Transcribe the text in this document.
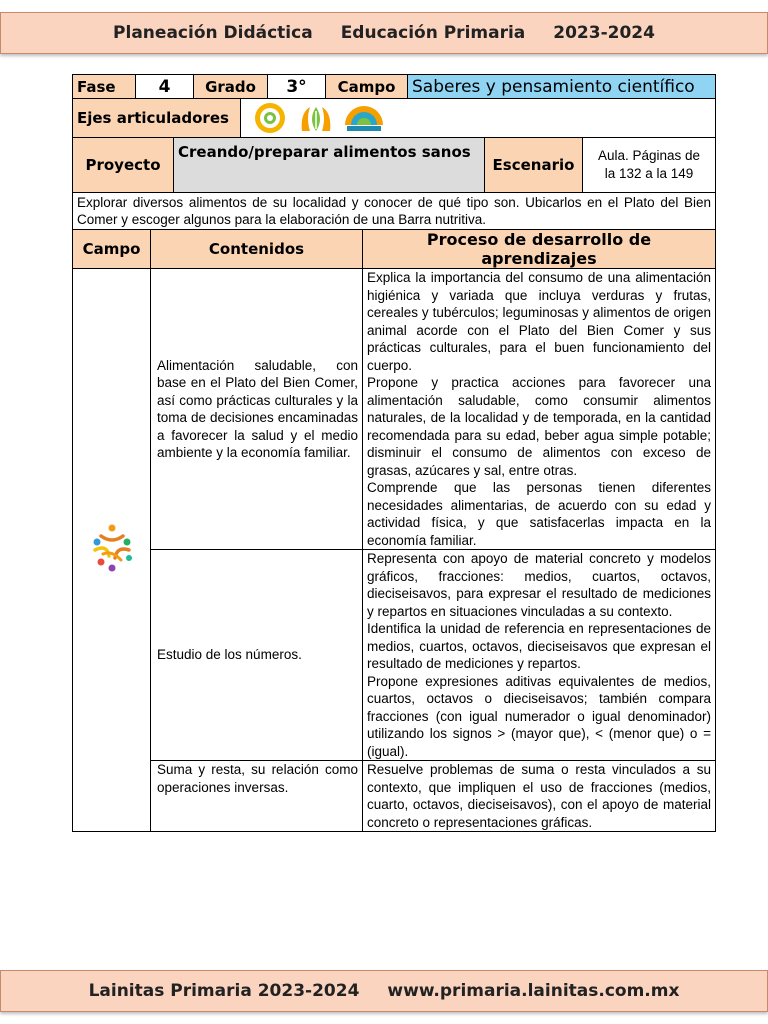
Planeación Didáctica Educación Primaria 2023-2024
Fase	4	Grado	3°	Campo	Saberes y pensamiento científico
Ejes articuladores	
Proyecto	Creando/preparar alimentos sanos	Escenario	Aula. Páginas de la 132 a la 149
Explorar diversos alimentos de su localidad y conocer de qué tipo son. Ubicarlos en el Plato del Bien Comer y escoger algunos para la elaboración de una Barra nutritiva.
Campo	Contenidos	Proceso de desarrollo de aprendizajes
	Alimentación saludable, con base en el Plato del Bien Comer, así como prácticas culturales y la toma de decisiones encaminadas a favorecer la salud y el medio ambiente y la economía familiar.	Explica la importancia del consumo de una alimentación higiénica y variada que incluya verduras y frutas, cereales y tubérculos; leguminosas y alimentos de origen animal acorde con el Plato del Bien Comer y sus prácticas culturales, para el buen funcionamiento del cuerpo.
Propone y practica acciones para favorecer una alimentación saludable, como consumir alimentos naturales, de la localidad y de temporada, en la cantidad recomendada para su edad, beber agua simple potable; disminuir el consumo de alimentos con exceso de grasas, azúcares y sal, entre otras.
Comprende que las personas tienen diferentes necesidades alimentarias, de acuerdo con su edad y actividad física, y que satisfacerlas impacta en la economía familiar.

	Estudio de los números.	Representa con apoyo de material concreto y modelos gráficos, fracciones: medios, cuartos, octavos, dieciseisavos, para expresar el resultado de mediciones y repartos en situaciones vinculadas a su contexto.
Identifica la unidad de referencia en representaciones de medios, cuartos, octavos, dieciseisavos que expresan el resultado de mediciones y repartos.
Propone expresiones aditivas equivalentes de medios, cuartos, octavos o dieciseisavos; también compara fracciones (con igual numerador o igual denominador) utilizando los signos > (mayor que), < (menor que) o = (igual).

	Suma y resta, su relación como operaciones inversas.	Resuelve problemas de suma o resta vinculados a su contexto, que impliquen el uso de fracciones (medios, cuarto, octavos, dieciseisavos), con el apoyo de material concreto o representaciones gráficas.
Lainitas Primaria 2023-2024 www.primaria.lainitas.com.mx
